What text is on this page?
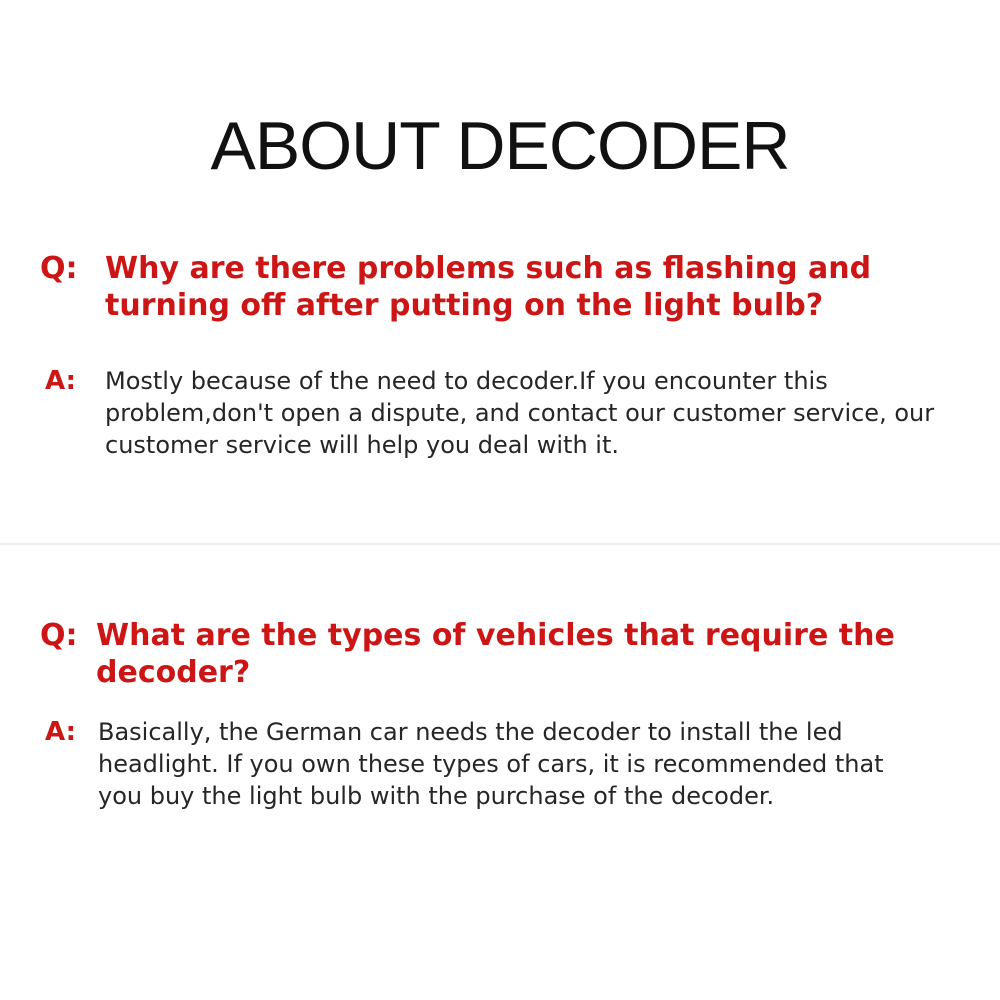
ABOUT DECODER
Q: Why are there problems such as flashing and turning off after putting on the light bulb?
A: Mostly because of the need to decoder.If you encounter this problem,don't open a dispute, and contact our customer service, our customer service will help you deal with it.
Q: What are the types of vehicles that require the decoder?
A: Basically, the German car needs the decoder to install the led headlight. If you own these types of cars, it is recommended that you buy the light bulb with the purchase of the decoder.
